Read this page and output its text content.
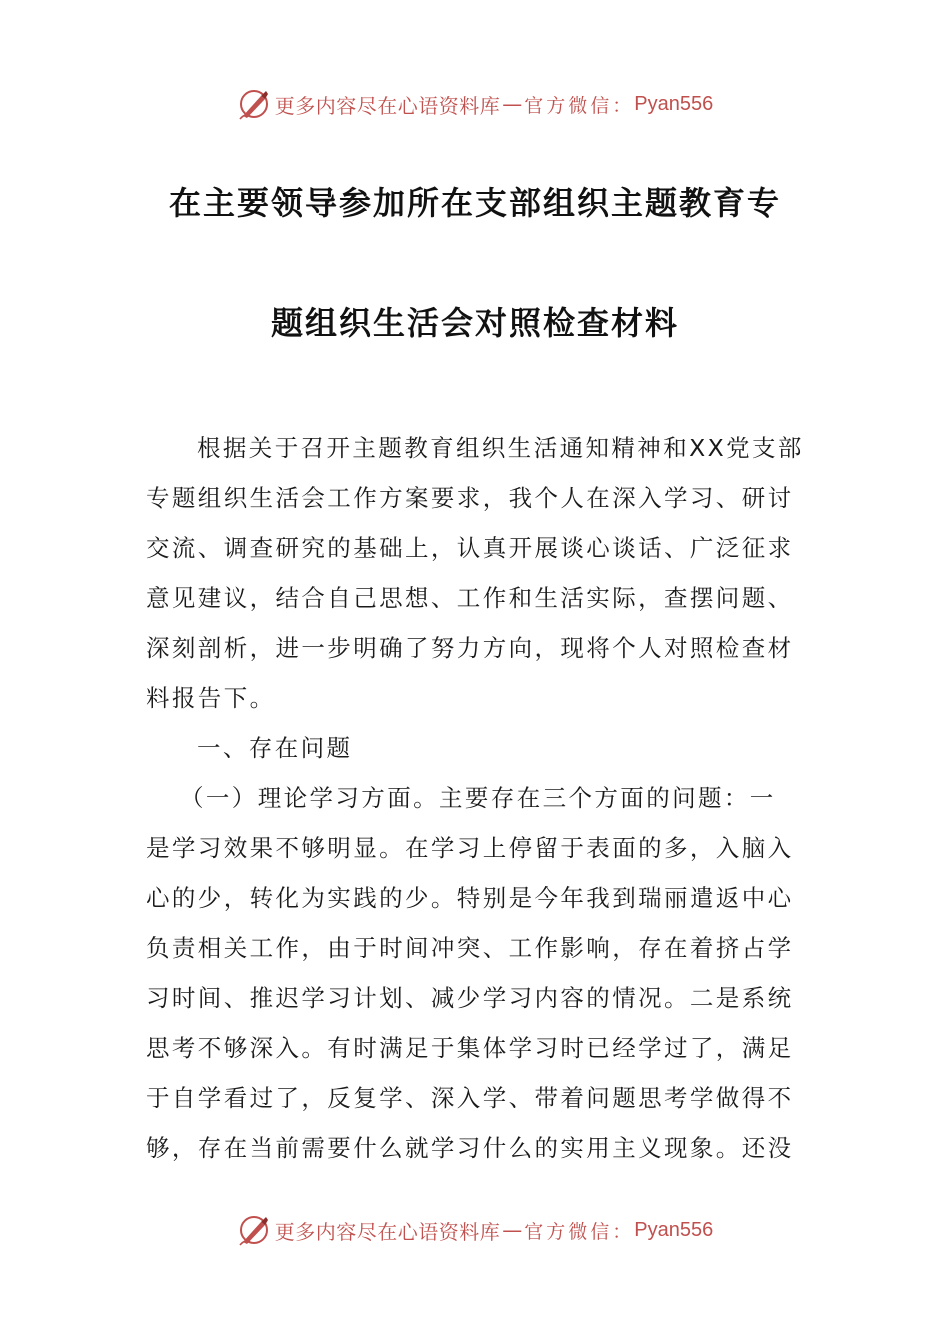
更多内容尽在心语资料库 — 官方微信： Pyan556
在主要领导参加所在支部组织主题教育专
题组织生活会对照检查材料

根据关于召开主题教育组织生活通知精神和XX党支部
专题组织生活会工作方案要求，我个人在深入学习、研讨
交流、调查研究的基础上，认真开展谈心谈话、广泛征求
意见建议，结合自己思想、工作和生活实际，查摆问题、
深刻剖析，进一步明确了努力方向，现将个人对照检查材
料报告下。

一、存在问题

（一）理论学习方面。主要存在三个方面的问题：一
是学习效果不够明显。在学习上停留于表面的多，入脑入
心的少，转化为实践的少。特别是今年我到瑞丽遣返中心
负责相关工作，由于时间冲突、工作影响，存在着挤占学
习时间、推迟学习计划、减少学习内容的情况。二是系统
思考不够深入。有时满足于集体学习时已经学过了，满足
于自学看过了，反复学、深入学、带着问题思考学做得不
够，存在当前需要什么就学习什么的实用主义现象。还没

更多内容尽在心语资料库 — 官方微信： Pyan556
